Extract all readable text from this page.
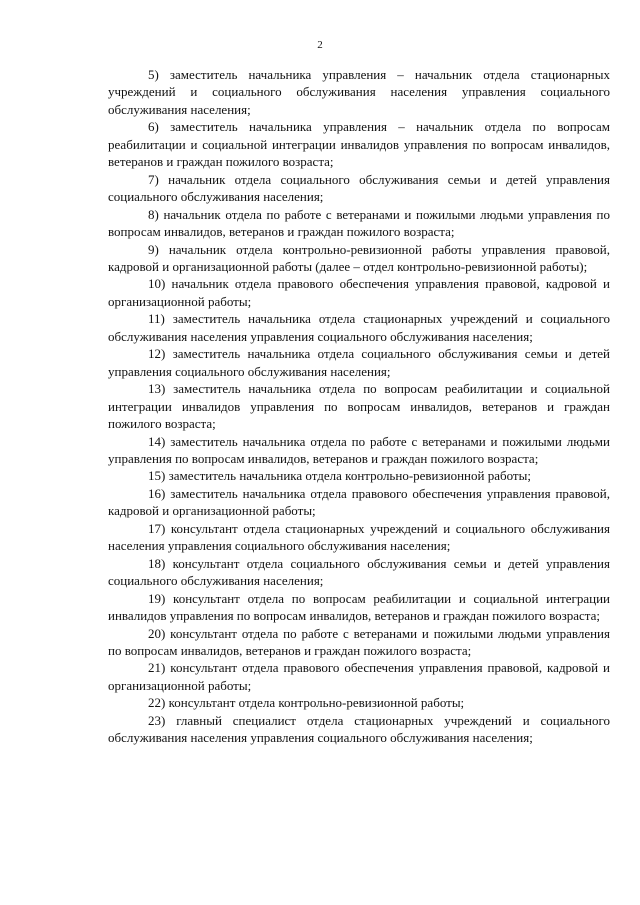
2

5) заместитель начальника управления – начальник отдела стационарных учреждений и социального обслуживания населения управления социального обслуживания населения;

6) заместитель начальника управления – начальник отдела по вопросам реабилитации и социальной интеграции инвалидов управления по вопросам инвалидов, ветеранов и граждан пожилого возраста;

7) начальник отдела социального обслуживания семьи и детей управления социального обслуживания населения;

8) начальник отдела по работе с ветеранами и пожилыми людьми управления по вопросам инвалидов, ветеранов и граждан пожилого возраста;

9) начальник отдела контрольно-ревизионной работы управления правовой, кадровой и организационной работы (далее – отдел контрольно-ревизионной работы);

10) начальник отдела правового обеспечения управления правовой, кадровой и организационной работы;

11) заместитель начальника отдела стационарных учреждений и социального обслуживания населения управления социального обслуживания населения;

12) заместитель начальника отдела социального обслуживания семьи и детей управления социального обслуживания населения;

13) заместитель начальника отдела по вопросам реабилитации и социальной интеграции инвалидов управления по вопросам инвалидов, ветеранов и граждан пожилого возраста;

14) заместитель начальника отдела по работе с ветеранами и пожилыми людьми управления по вопросам инвалидов, ветеранов и граждан пожилого возраста;

15) заместитель начальника отдела контрольно-ревизионной работы;

16) заместитель начальника отдела правового обеспечения управления правовой, кадровой и организационной работы;

17) консультант отдела стационарных учреждений и социального обслуживания населения управления социального обслуживания населения;

18) консультант отдела социального обслуживания семьи и детей управления социального обслуживания населения;

19) консультант отдела по вопросам реабилитации и социальной интеграции инвалидов управления по вопросам инвалидов, ветеранов и граждан пожилого возраста;

20) консультант отдела по работе с ветеранами и пожилыми людьми управления по вопросам инвалидов, ветеранов и граждан пожилого возраста;

21) консультант отдела правового обеспечения управления правовой, кадровой и организационной работы;

22) консультант отдела контрольно-ревизионной работы;

23) главный специалист отдела стационарных учреждений и социального обслуживания населения управления социального обслуживания населения;
